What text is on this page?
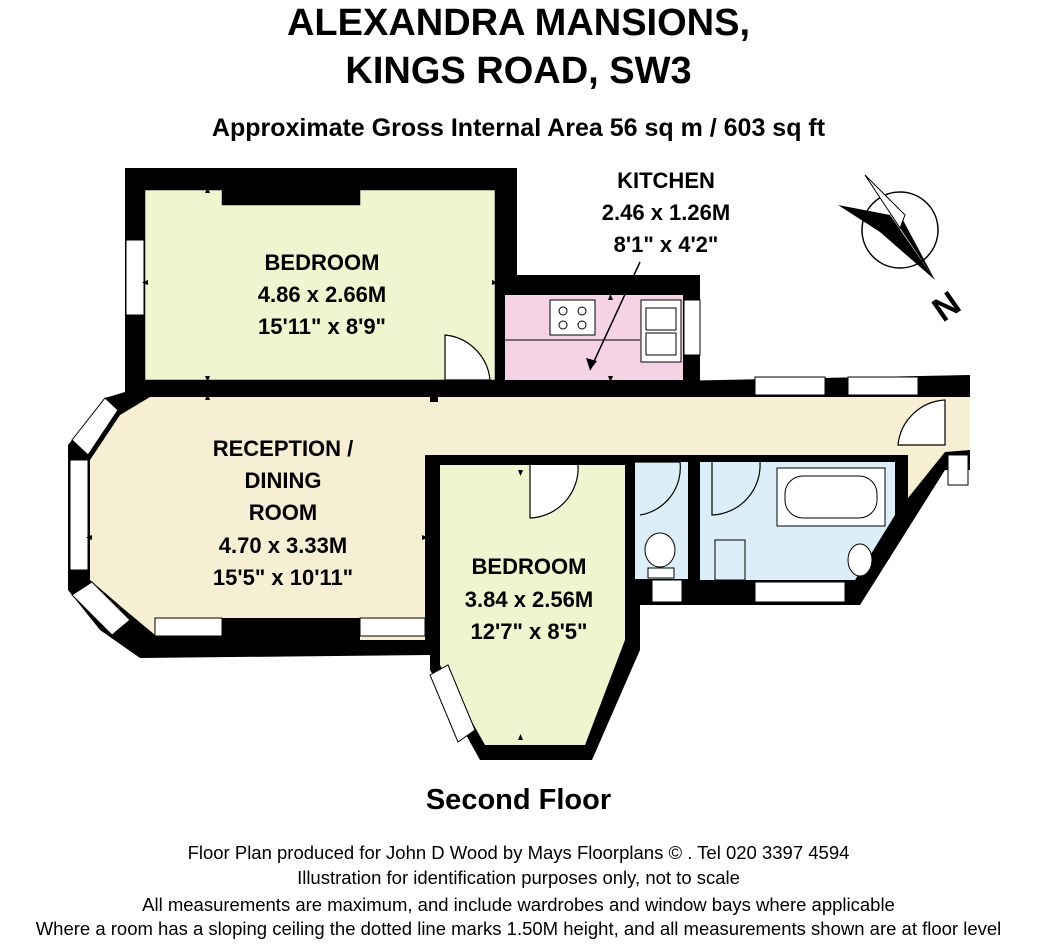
ALEXANDRA MANSIONS,
KINGS ROAD, SW3
Approximate Gross Internal Area 56 sq m / 603 sq ft
BEDROOM
4.86 x 2.66M
15'11" x 8'9"
KITCHEN
2.46 x 1.26M
8'1" x 4'2"
RECEPTION /
DINING
ROOM
4.70 x 3.33M
15'5" x 10'11"	BEDROOM
3.84 x 2.56M
12'7" x 8'5"
N
Second Floor
Floor Plan produced for John D Wood by Mays Floorplans © . Tel 020 3397 4594
Illustration for identification purposes only, not to scale
All measurements are maximum, and include wardrobes and window bays where applicable
Where a room has a sloping ceiling the dotted line marks 1.50M height, and all measurements shown are at floor level
